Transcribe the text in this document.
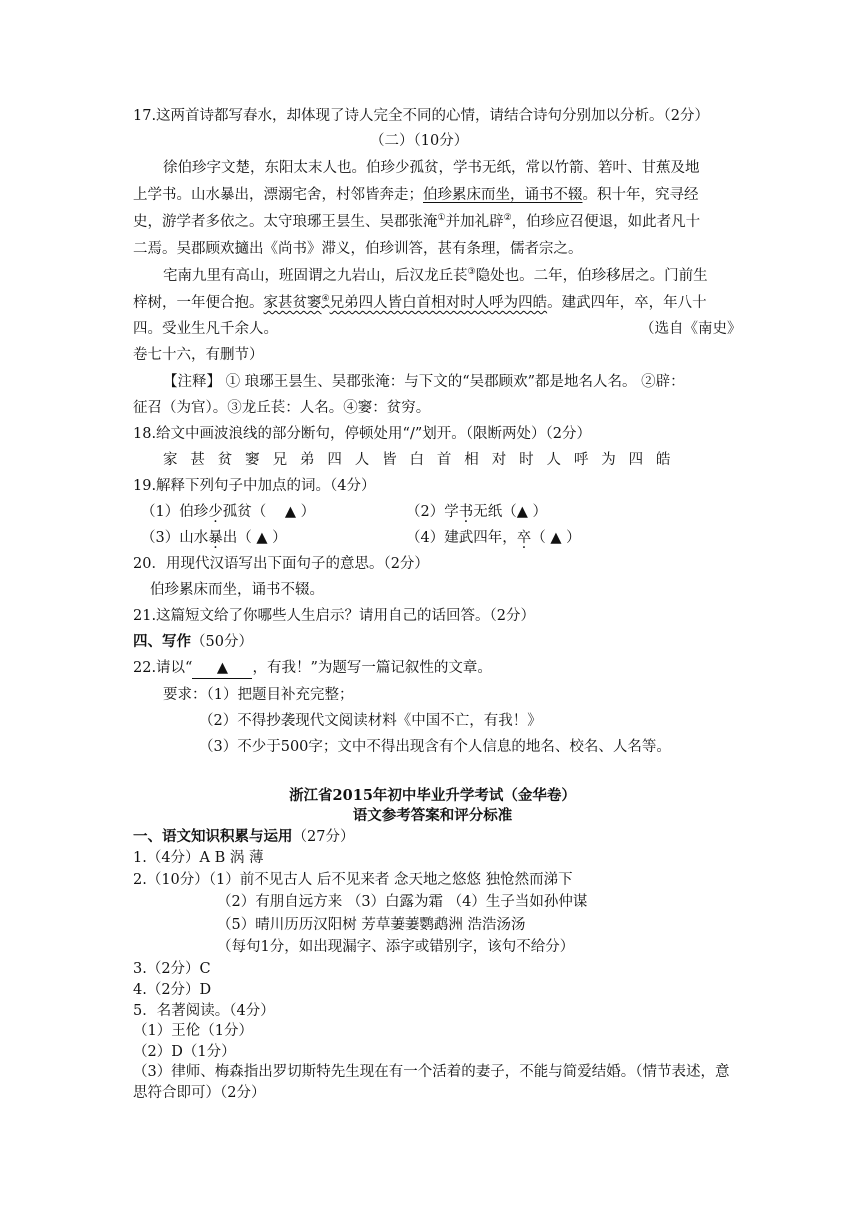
17.这两首诗都写春水，却体现了诗人完全不同的心情，请结合诗句分别加以分析。（2分）
（二）（10分）
徐伯珍字文楚，东阳太末人也。伯珍少孤贫，学书无纸，常以竹箭、箬叶、甘蕉及地
上学书。山水暴出，漂溺宅舍，村邻皆奔走；伯珍累床而坐，诵书不辍。积十年，究寻经
史，游学者多依之。太守琅琊王昙生、吴郡张淹①并加礼辟②，伯珍应召便退，如此者凡十
二焉。吴郡顾欢擿出《尚书》滞义，伯珍训答，甚有条理，儒者宗之。
宅南九里有高山，班固谓之九岩山，后汉龙丘苌③隐处也。二年，伯珍移居之。门前生
梓树，一年便合抱。家甚贫窭④兄弟四人皆白首相对时人呼为四皓。建武四年，卒，年八十
四。受业生凡千余人。	（选自《南史》
卷七十六，有删节）
【注释】 ① 琅琊王昙生、吴郡张淹：与下文的“吴郡顾欢”都是地名人名。 ②辟：
征召（为官）。③龙丘苌：人名。④窭：贫穷。
18.给文中画波浪线的部分断句，停顿处用“/”划开。（限断两处）（2分）
家 甚 贫 窭 兄 弟 四 人 皆 白 首 相 对 时 人 呼 为 四 皓
19.解释下列句子中加点的词。（4分）
（1）伯珍少孤贫（ ▲ ）	（2）学书无纸（▲ ）
（3）山水暴出（ ▲ ）	（4）建武四年，卒（ ▲ ）
20．用现代汉语写出下面句子的意思。（2分）
伯珍累床而坐，诵书不辍。
21.这篇短文给了你哪些人生启示？请用自己的话回答。（2分）
四、写作（50分）
22.请以“ ▲ ，有我！”为题写一篇记叙性的文章。
要求：（1）把题目补充完整；
（2）不得抄袭现代文阅读材料《中国不亡，有我！》
（3）不少于500字；文中不得出现含有个人信息的地名、校名、人名等。
浙江省2015年初中毕业升学考试（金华卷）
语文参考答案和评分标准
一、语文知识积累与运用（27分）
1.（4分）A B 涡 薄
2.（10分）（1）前不见古人 后不见来者 念天地之悠悠 独怆然而涕下
（2）有朋自远方来 （3）白露为霜 （4）生子当如孙仲谋
（5）晴川历历汉阳树 芳草萋萋鹦鹉洲 浩浩汤汤
（每句1分，如出现漏字、添字或错别字，该句不给分）
3.（2分）C
4.（2分）D
5．名著阅读。（4分）
（1）王伦（1分）
（2）D（1分）
（3）律师、梅森指出罗切斯特先生现在有一个活着的妻子，不能与简爱结婚。（情节表述，意
思符合即可）（2分）
